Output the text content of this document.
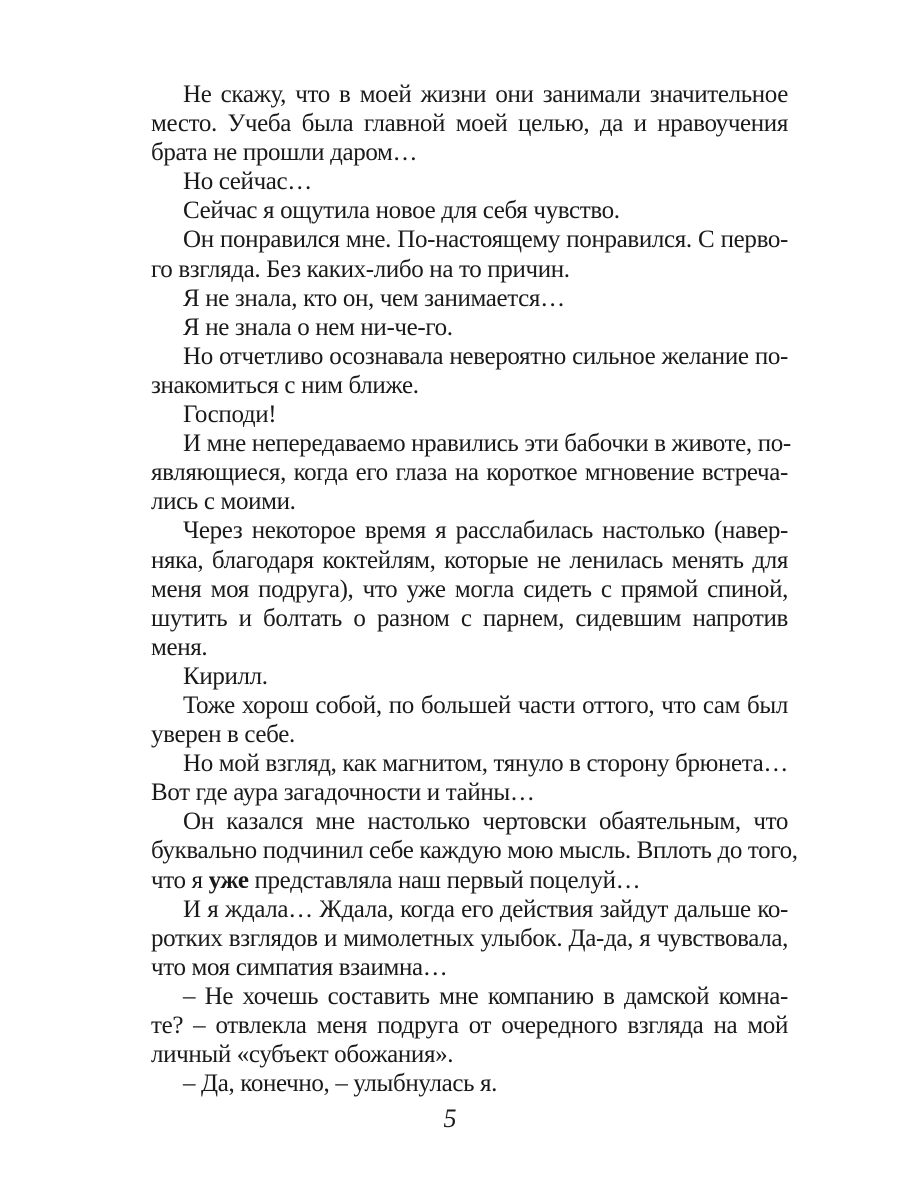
Не скажу, что в моей жизни они занимали значительное
место. Учеба была главной моей целью, да и нравоучения
брата не прошли даром…
Но сейчас…
Сейчас я ощутила новое для себя чувство.
Он понравился мне. По-настоящему понравился. С перво-
го взгляда. Без каких-либо на то причин.
Я не знала, кто он, чем занимается…
Я не знала о нем ни-че-го.
Но отчетливо осознавала невероятно сильное желание по-
знакомиться с ним ближе.
Господи!
И мне непередаваемо нравились эти бабочки в животе, по-
являющиеся, когда его глаза на короткое мгновение встреча-
лись с моими.
Через некоторое время я расслабилась настолько (навер-
няка, благодаря коктейлям, которые не ленилась менять для
меня моя подруга), что уже могла сидеть с прямой спиной,
шутить и болтать о разном с парнем, сидевшим напротив
меня.
Кирилл.
Тоже хорош собой, по большей части оттого, что сам был
уверен в себе.
Но мой взгляд, как магнитом, тянуло в сторону брюнета…
Вот где аура загадочности и тайны…
Он казался мне настолько чертовски обаятельным, что
буквально подчинил себе каждую мою мысль. Вплоть до того,
что я уже представляла наш первый поцелуй…
И я ждала… Ждала, когда его действия зайдут дальше ко-
ротких взглядов и мимолетных улыбок. Да-да, я чувствовала,
что моя симпатия взаимна…
– Не хочешь составить мне компанию в дамской комна-
те? – отвлекла меня подруга от очередного взгляда на мой
личный «субъект обожания».
– Да, конечно, – улыбнулась я.
5
